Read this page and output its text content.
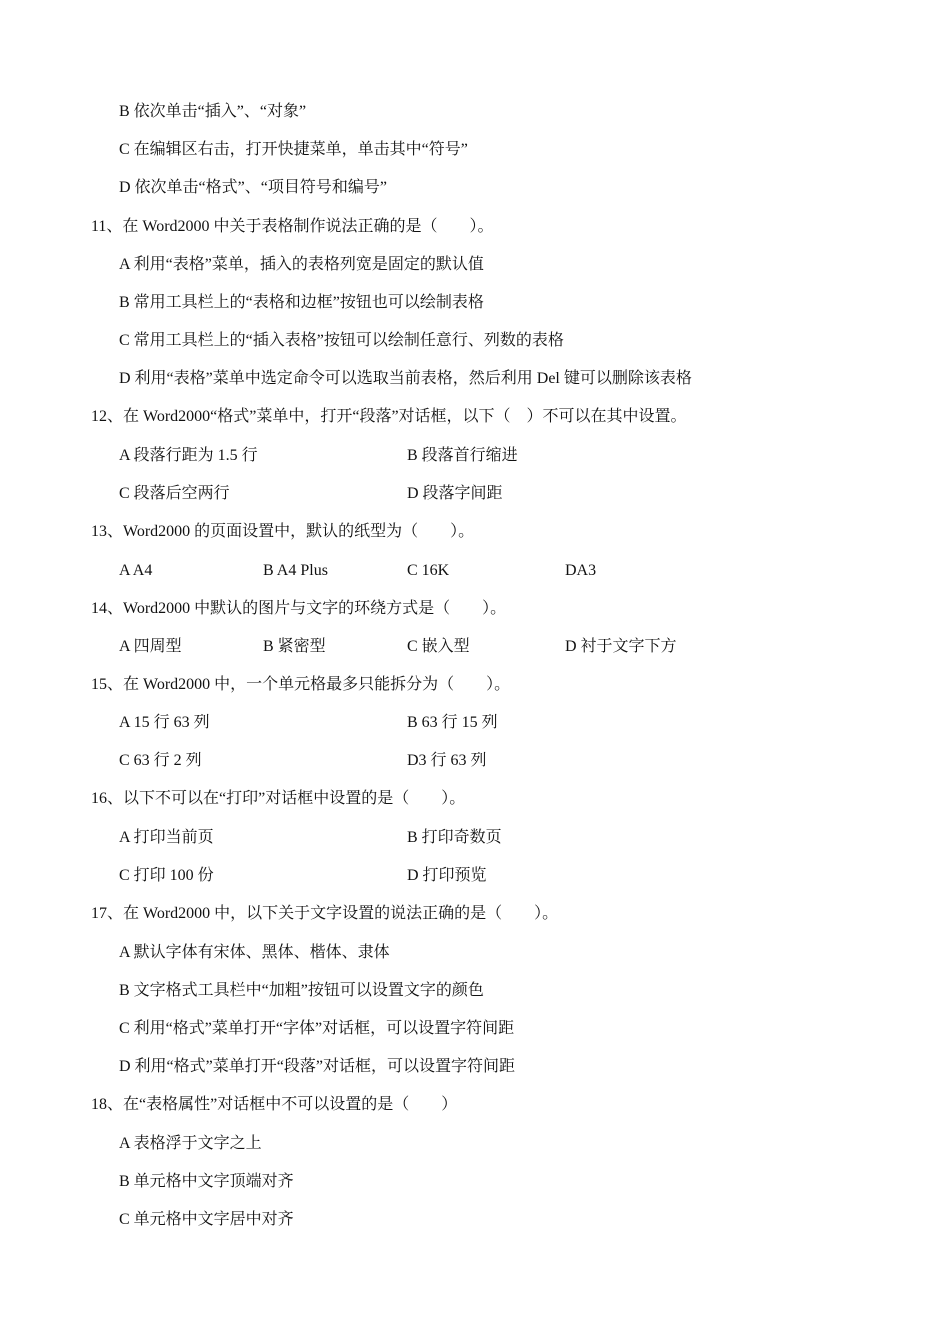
B 依次单击“插入”、“对象”
C 在编辑区右击，打开快捷菜单，单击其中“符号”
D 依次单击“格式”、“项目符号和编号”
11、在 Word2000 中关于表格制作说法正确的是（　　）。
A 利用“表格”菜单，插入的表格列宽是固定的默认值
B 常用工具栏上的“表格和边框”按钮也可以绘制表格
C 常用工具栏上的“插入表格”按钮可以绘制任意行、列数的表格
D 利用“表格”菜单中选定命令可以选取当前表格，然后利用 Del 键可以删除该表格
12、在 Word2000“格式”菜单中，打开“段落”对话框，以下（　）不可以在其中设置。
A 段落行距为 1.5 行	B 段落首行缩进
C 段落后空两行	D 段落字间距
13、Word2000 的页面设置中，默认的纸型为（　　）。
A A4	B A4 Plus	C 16K	DA3
14、Word2000 中默认的图片与文字的环绕方式是（　　）。
A 四周型	B 紧密型	C 嵌入型	D 衬于文字下方
15、在 Word2000 中，一个单元格最多只能拆分为（　　）。
A 15 行 63 列	B 63 行 15 列
C 63 行 2 列	D3 行 63 列
16、以下不可以在“打印”对话框中设置的是（　　）。
A 打印当前页	B 打印奇数页
C 打印 100 份	D 打印预览
17、在 Word2000 中，以下关于文字设置的说法正确的是（　　）。
A 默认字体有宋体、黑体、楷体、隶体
B 文字格式工具栏中“加粗”按钮可以设置文字的颜色
C 利用“格式”菜单打开“字体”对话框，可以设置字符间距
D 利用“格式”菜单打开“段落”对话框，可以设置字符间距
18、在“表格属性”对话框中不可以设置的是（　　）
A 表格浮于文字之上
B 单元格中文字顶端对齐
C 单元格中文字居中对齐
